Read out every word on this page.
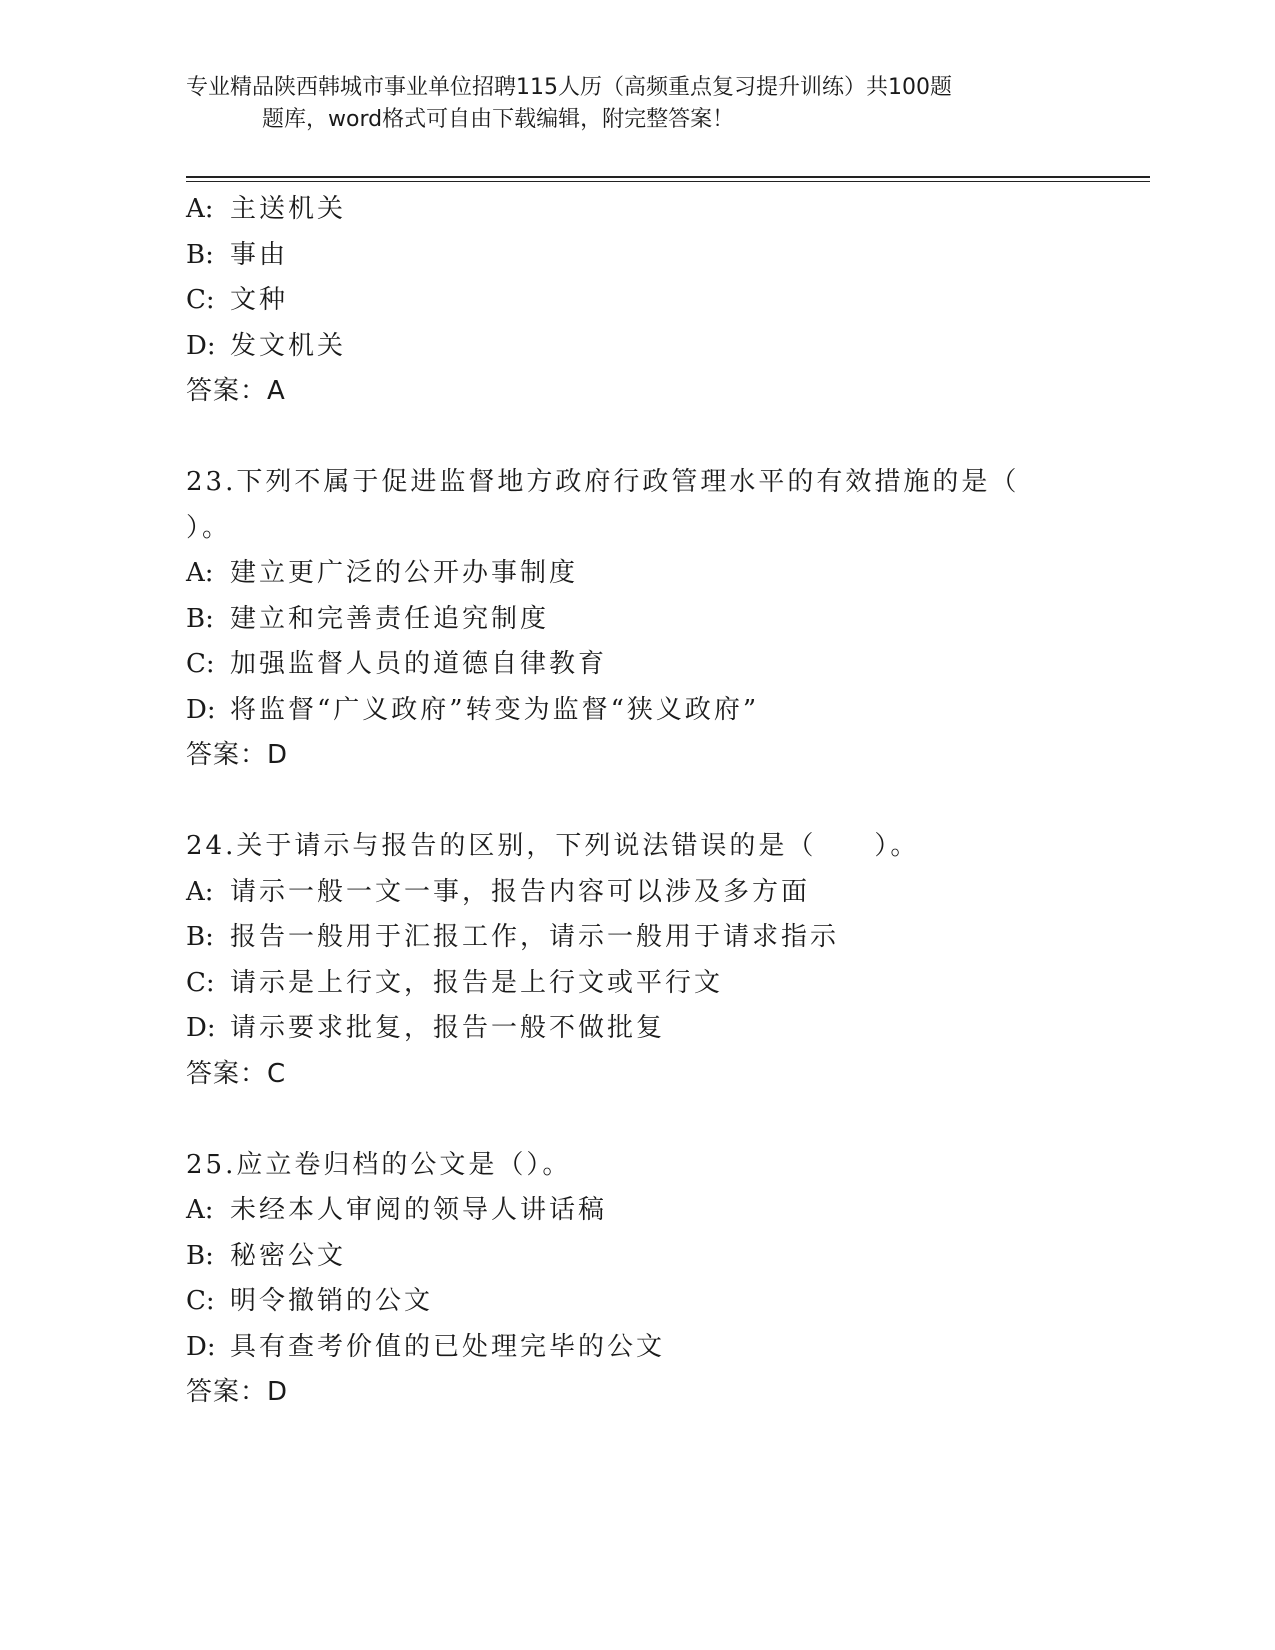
专业精品陕西韩城市事业单位招聘115人历（高频重点复习提升训练）共100题
题库，word格式可自由下载编辑，附完整答案！
A: 主送机关
B: 事由
C: 文种
D: 发文机关
答案：A
23.下列不属于促进监督地方政府行政管理水平的有效措施的是（
）。
A: 建立更广泛的公开办事制度
B: 建立和完善责任追究制度
C: 加强监督人员的道德自律教育
D: 将监督“广义政府”转变为监督“狭义政府”
答案：D
24.关于请示与报告的区别，下列说法错误的是（　　）。
A: 请示一般一文一事，报告内容可以涉及多方面
B: 报告一般用于汇报工作，请示一般用于请求指示
C: 请示是上行文，报告是上行文或平行文
D: 请示要求批复，报告一般不做批复
答案：C
25.应立卷归档的公文是（）。
A: 未经本人审阅的领导人讲话稿
B: 秘密公文
C: 明令撤销的公文
D: 具有查考价值的已处理完毕的公文
答案：D
